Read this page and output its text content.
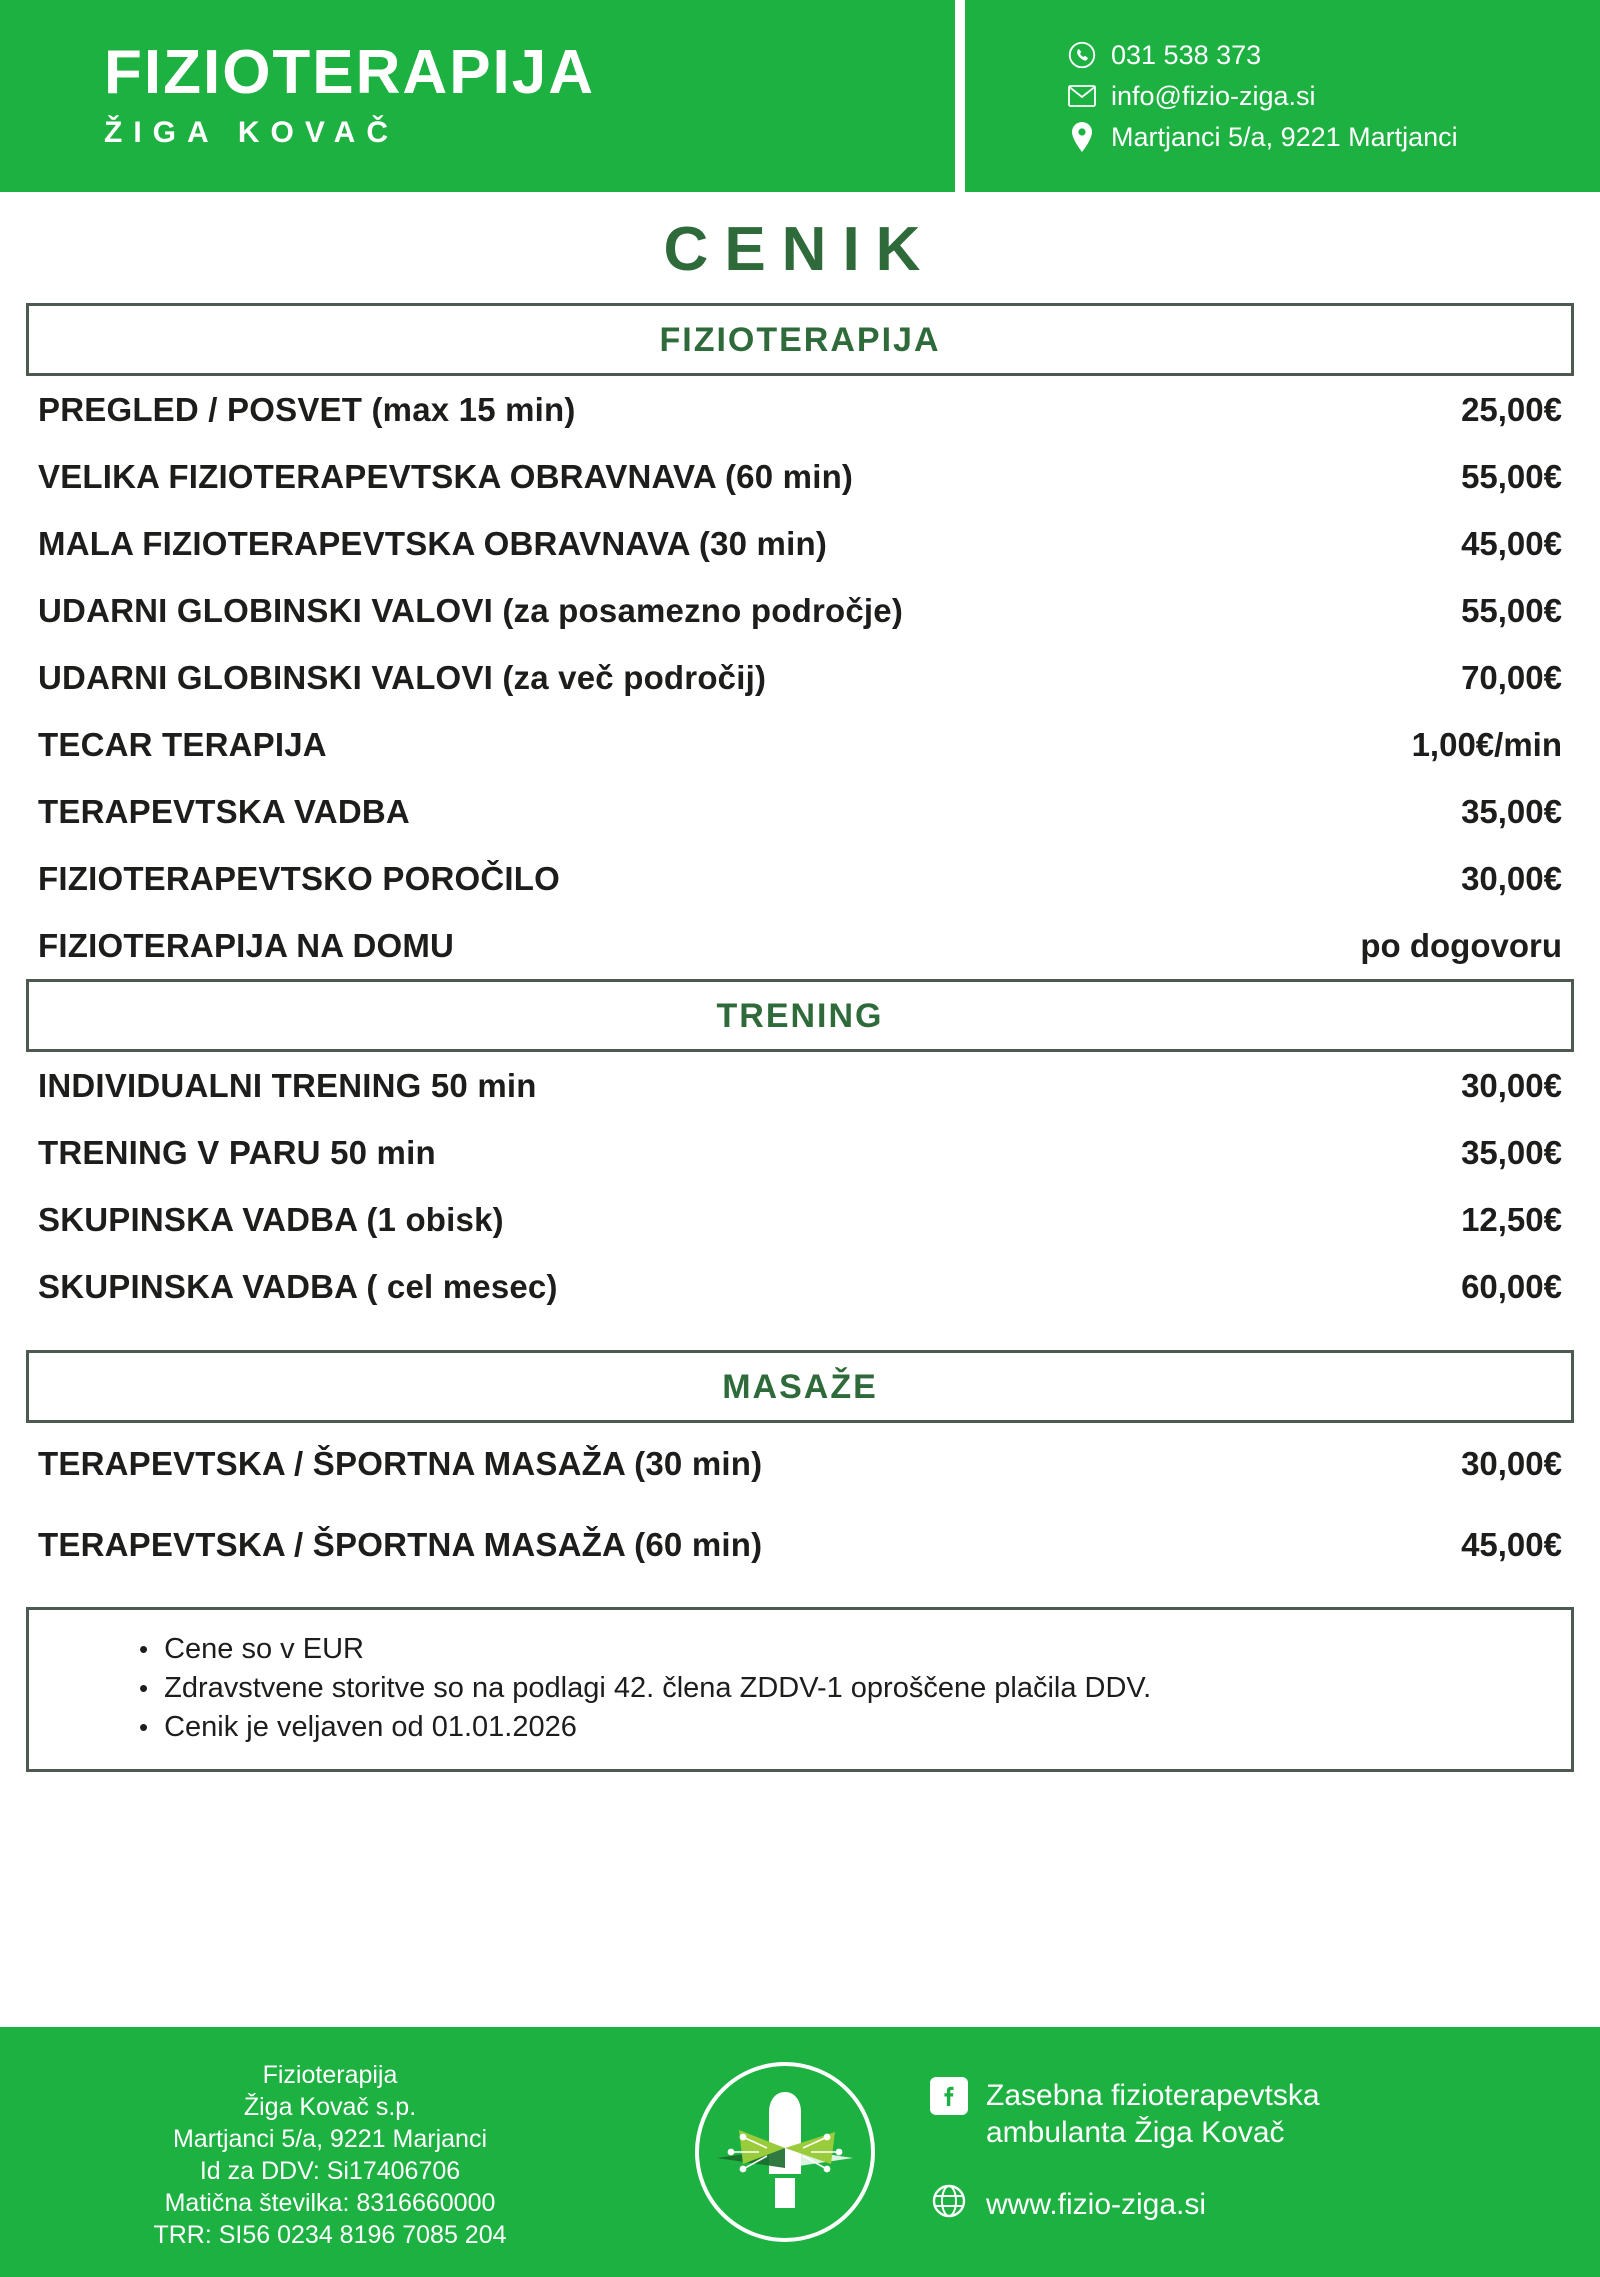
FIZIOTERAPIJA
ŽIGA KOVAČ
031 538 373
info@fizio-ziga.si
Martjanci 5/a, 9221 Martjanci
CENIK
FIZIOTERAPIJA
PREGLED / POSVET (max 15 min)	25,00€
VELIKA FIZIOTERAPEVTSKA OBRAVNAVA (60 min)	55,00€
MALA FIZIOTERAPEVTSKA OBRAVNAVA (30 min)	45,00€
UDARNI GLOBINSKI VALOVI (za posamezno področje)	55,00€
UDARNI GLOBINSKI VALOVI (za več področij)	70,00€
TECAR TERAPIJA	1,00€/min
TERAPEVTSKA VADBA	35,00€
FIZIOTERAPEVTSKO POROČILO	30,00€
FIZIOTERAPIJA NA DOMU	po dogovoru
TRENING
INDIVIDUALNI TRENING 50 min	30,00€
TRENING V PARU 50 min	35,00€
SKUPINSKA VADBA (1 obisk)	12,50€
SKUPINSKA VADBA ( cel mesec)	60,00€
MASAŽE
TERAPEVTSKA / ŠPORTNA MASAŽA (30 min)	30,00€
TERAPEVTSKA / ŠPORTNA MASAŽA (60 min)	45,00€
• Cene so v EUR
• Zdravstvene storitve so na podlagi 42. člena ZDDV-1 oproščene plačila DDV.
• Cenik je veljaven od 01.01.2026
Fizioterapija
Žiga Kovač s.p.
Martjanci 5/a, 9221 Marjanci
Id za DDV: Si17406706
Matična številka: 8316660000
TRR: SI56 0234 8196 7085 204
Zasebna fizioterapevtska
ambulanta Žiga Kovač
www.fizio-ziga.si
